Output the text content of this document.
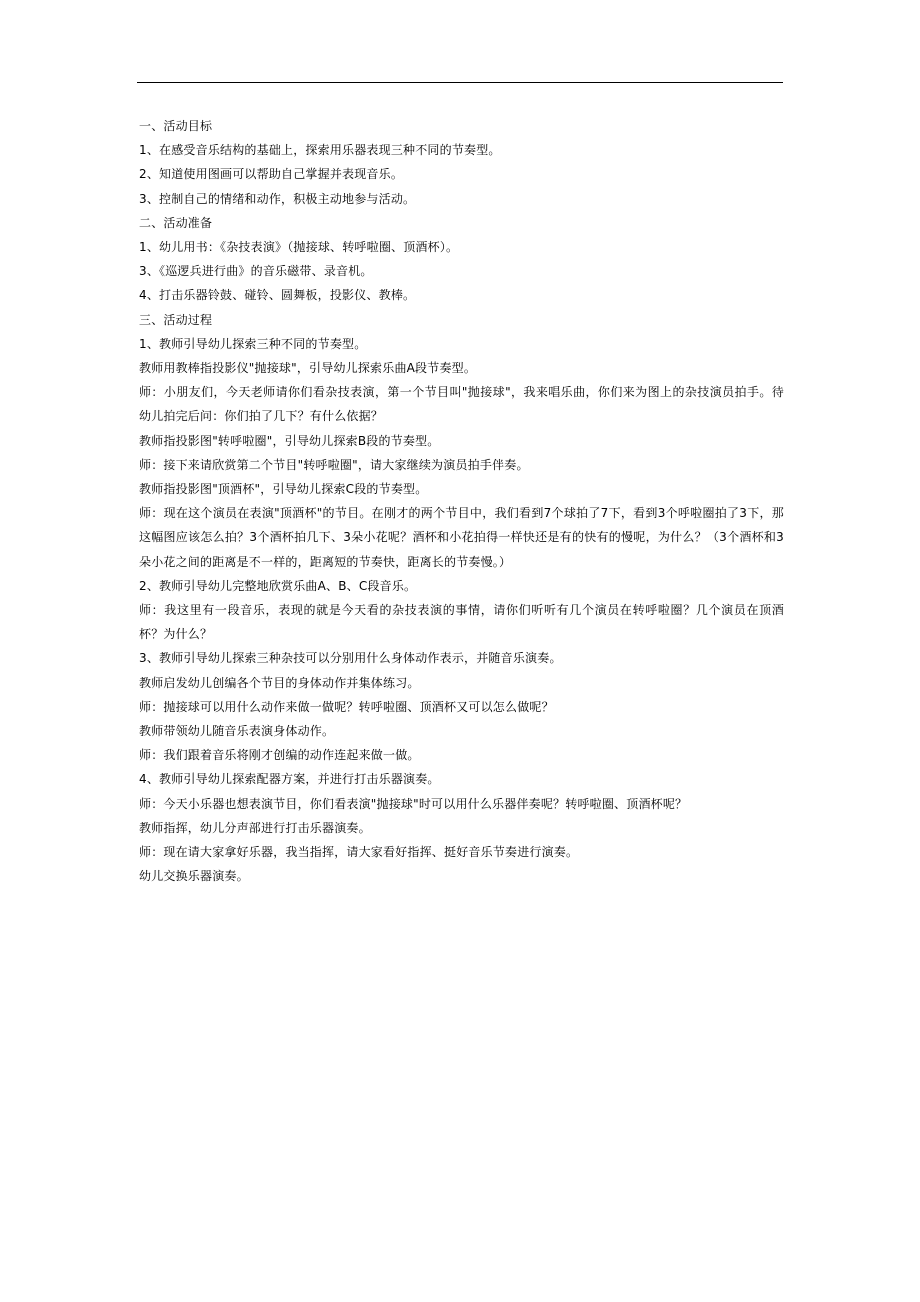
一、活动目标
1、在感受音乐结构的基础上，探索用乐器表现三种不同的节奏型。
2、知道使用图画可以帮助自己掌握并表现音乐。
3、控制自己的情绪和动作，积极主动地参与活动。
二、活动准备
1、幼儿用书：《杂技表演》（抛接球、转呼啦圈、顶酒杯）。
3、《巡逻兵进行曲》的音乐磁带、录音机。
4、打击乐器铃鼓、碰铃、圆舞板，投影仪、教棒。
三、活动过程
1、教师引导幼儿探索三种不同的节奏型。
教师用教棒指投影仪"抛接球"，引导幼儿探索乐曲A段节奏型。
师：小朋友们，今天老师请你们看杂技表演，第一个节目叫"抛接球"，我来唱乐曲，你们来为图上的杂技演员拍手。待幼儿拍完后问：你们拍了几下？有什么依据？
教师指投影图"转呼啦圈"，引导幼儿探索B段的节奏型。
师：接下来请欣赏第二个节目"转呼啦圈"，请大家继续为演员拍手伴奏。
教师指投影图"顶酒杯"，引导幼儿探索C段的节奏型。
师：现在这个演员在表演"顶酒杯"的节目。在刚才的两个节目中，我们看到7个球拍了7下，看到3个呼啦圈拍了3下，那这幅图应该怎么拍？3个酒杯拍几下、3朵小花呢？酒杯和小花拍得一样快还是有的快有的慢呢，为什么？（3个酒杯和3朵小花之间的距离是不一样的，距离短的节奏快，距离长的节奏慢。）
2、教师引导幼儿完整地欣赏乐曲A、B、C段音乐。
师：我这里有一段音乐，表现的就是今天看的杂技表演的事情，请你们听听有几个演员在转呼啦圈？几个演员在顶酒杯？为什么？
3、教师引导幼儿探索三种杂技可以分别用什么身体动作表示，并随音乐演奏。
教师启发幼儿创编各个节目的身体动作并集体练习。
师：抛接球可以用什么动作来做一做呢？转呼啦圈、顶酒杯又可以怎么做呢？
教师带领幼儿随音乐表演身体动作。
师：我们跟着音乐将刚才创编的动作连起来做一做。
4、教师引导幼儿探索配器方案，并进行打击乐器演奏。
师：今天小乐器也想表演节目，你们看表演"抛接球"时可以用什么乐器伴奏呢？转呼啦圈、顶酒杯呢？
教师指挥，幼儿分声部进行打击乐器演奏。
师：现在请大家拿好乐器，我当指挥，请大家看好指挥、挺好音乐节奏进行演奏。
幼儿交换乐器演奏。
